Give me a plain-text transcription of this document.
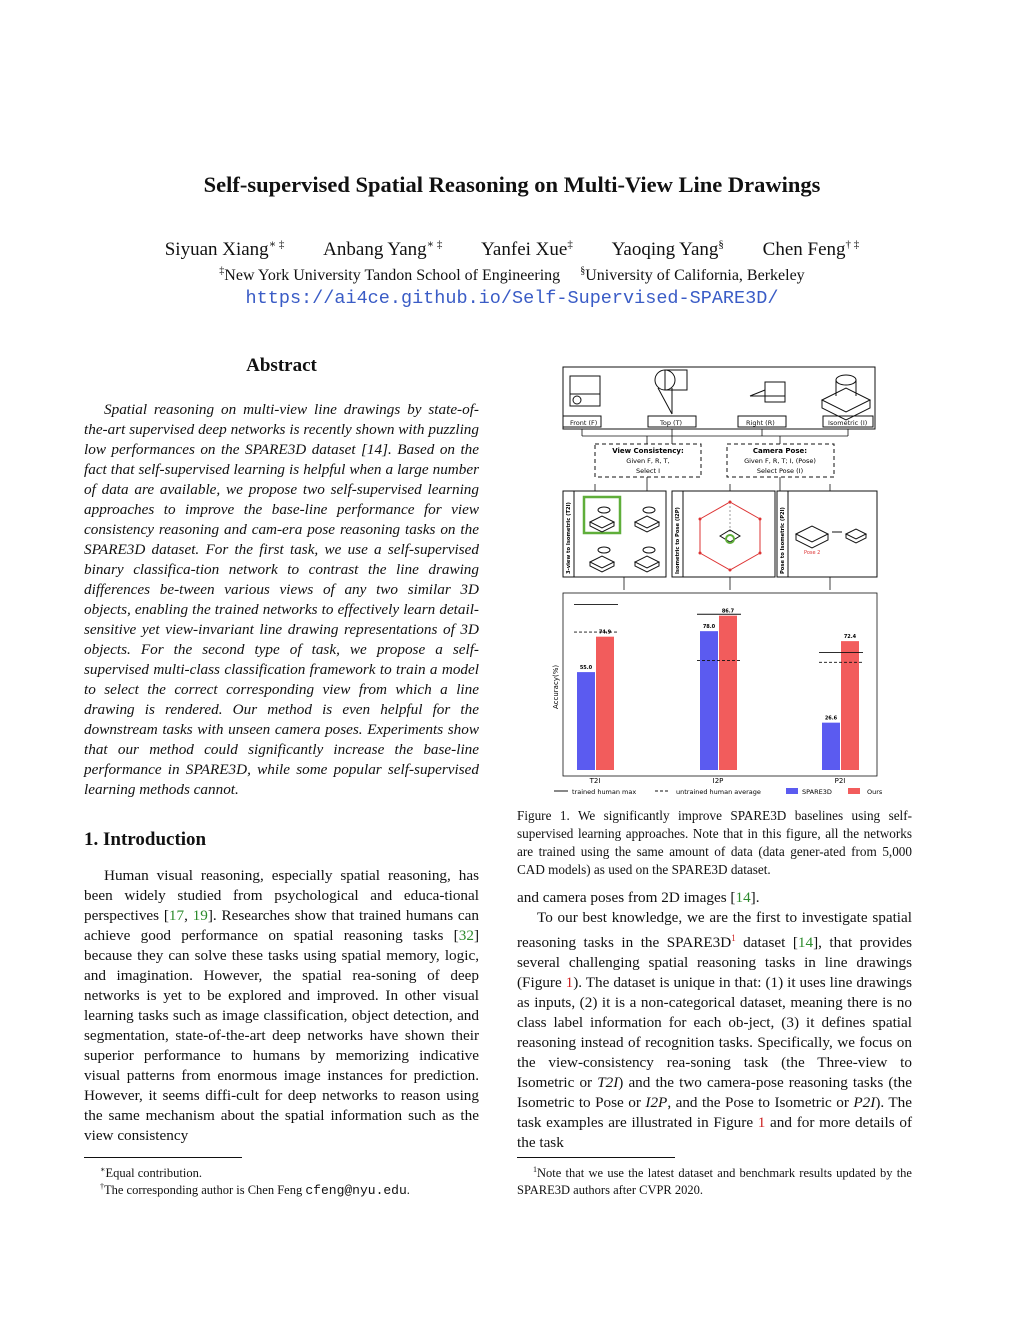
Self-supervised Spatial Reasoning on Multi-View Line Drawings
Siyuan Xiang∗ ‡ Anbang Yang∗ ‡ Yanfei Xue‡ Yaoqing Yang§ Chen Feng† ‡
‡New York University Tandon School of Engineering §University of California, Berkeley
https://ai4ce.github.io/Self-Supervised-SPARE3D/
Abstract

Spatial reasoning on multi-view line drawings by state-of-the-art supervised deep networks is recently shown with puzzling low performances on the SPARE3D dataset [14]. Based on the fact that self-supervised learning is helpful when a large number of data are available, we propose two self-supervised learning approaches to improve the base-line performance for view consistency reasoning and cam-era pose reasoning tasks on the SPARE3D dataset. For the first task, we use a self-supervised binary classifica-tion network to contrast the line drawing differences be-tween various views of any two similar 3D objects, enabling the trained networks to effectively learn detail-sensitive yet view-invariant line drawing representations of 3D objects. For the second type of task, we propose a self-supervised multi-class classification framework to train a model to select the correct corresponding view from which a line drawing is rendered. Our method is even helpful for the downstream tasks with unseen camera poses. Experiments show that our method could significantly increase the base-line performance in SPARE3D, while some popular self-supervised learning methods cannot.

1. Introduction

Human visual reasoning, especially spatial reasoning, has been widely studied from psychological and educa-tional perspectives [17, 19]. Researches show that trained humans can achieve good performance on spatial reasoning tasks [32] because they can solve these tasks using spatial memory, logic, and imagination. However, the spatial rea-soning of deep networks is yet to be explored and improved. In other visual learning tasks such as image classification, object detection, and segmentation, state-of-the-art deep networks have shown their superior performance to humans by memorizing indicative visual patterns from enormous image instances for prediction. However, it seems diffi-cult for deep networks to reason using the same mechanism about the spatial information such as the view consistency

∗Equal contribution.
†The corresponding author is Chen Feng cfeng@nyu.edu.
Front (F)	Top (T)	Right (R)	Isometric (I)
View Consistency:
Given F, R, T,
Select I
Camera Pose:
Given F, R, T; I, (Pose)
Select Pose (I)
Pose 2
3-view to Isometric (T2I)	Isometric to Pose (I2P)	Pose to Isometric (P2I)
Accuracy(%)	55.0
74.9
78.0
86.7
26.6
72.4
T2I	I2P	P2I
trained human max	untrained human average	SPARE3D	Ours
Figure 1. We significantly improve SPARE3D baselines using self-supervised learning approaches. Note that in this figure, all the networks are trained using the same amount of data (data gener-ated from 5,000 CAD models) as used on the SPARE3D dataset.

and camera poses from 2D images [14].

To our best knowledge, we are the first to investigate spatial reasoning tasks in the SPARE3D$^1$ dataset [14], that provides several challenging spatial reasoning tasks in line drawings (Figure 1). The dataset is unique in that: (1) it uses line drawings as inputs, (2) it is a non-categorical dataset, meaning there is no class label information for each ob-ject, (3) it defines spatial reasoning instead of recognition tasks. Specifically, we focus on the view-consistency rea-soning task (the Three-view to Isometric or T2I) and the two camera-pose reasoning tasks (the Isometric to Pose or I2P, and the Pose to Isometric or P2I). The task examples are illustrated in Figure 1 and for more details of the task

$^1$Note that we use the latest dataset and benchmark results updated by the SPARE3D authors after CVPR 2020.
